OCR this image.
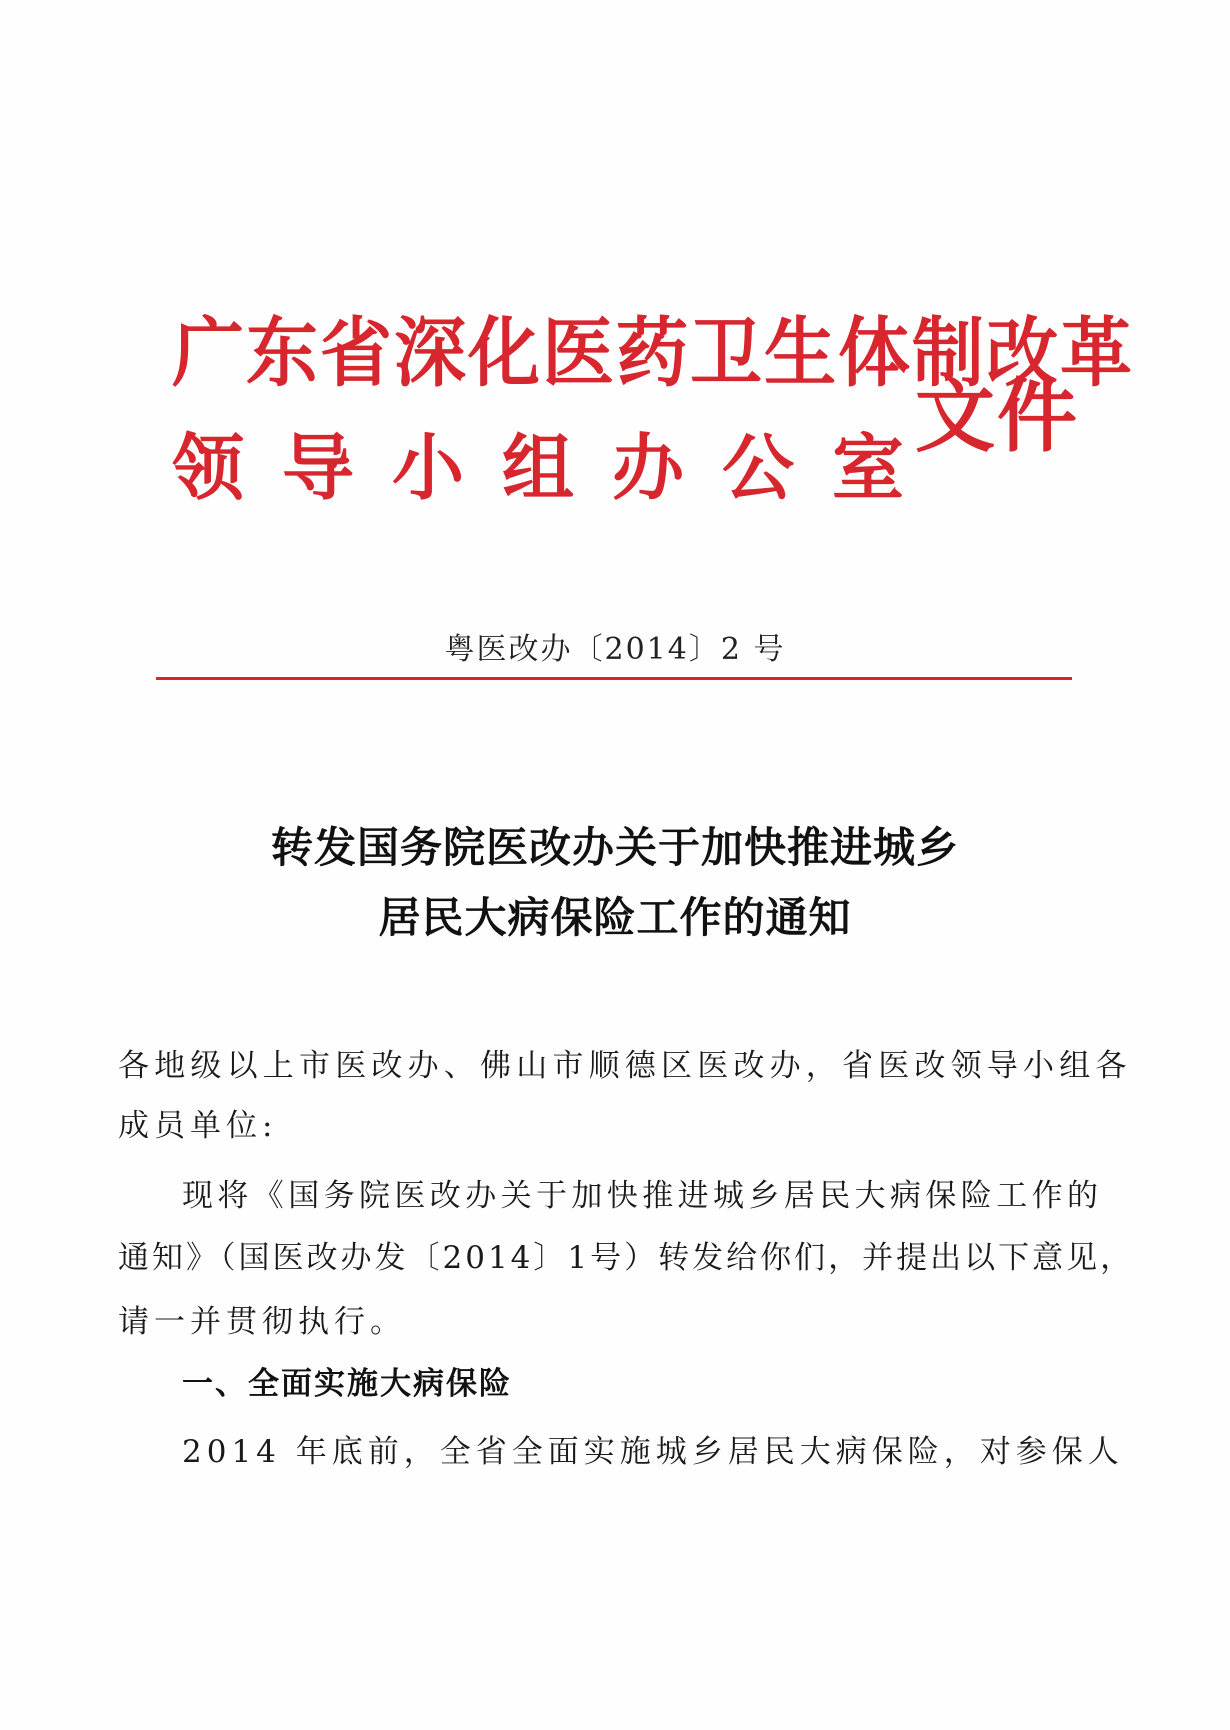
广东省深化医药卫生体制改革
领导小组办公室
文件
粤医改办〔2014〕2 号
转发国务院医改办关于加快推进城乡
居民大病保险工作的通知
各地级以上市医改办、佛山市顺德区医改办，省医改领导小组各
成员单位:
现将《国务院医改办关于加快推进城乡居民大病保险工作的
通知》（国医改办发〔2014〕1号）转发给你们，并提出以下意见，
请一并贯彻执行。
一、全面实施大病保险
2014 年底前，全省全面实施城乡居民大病保险，对参保人
